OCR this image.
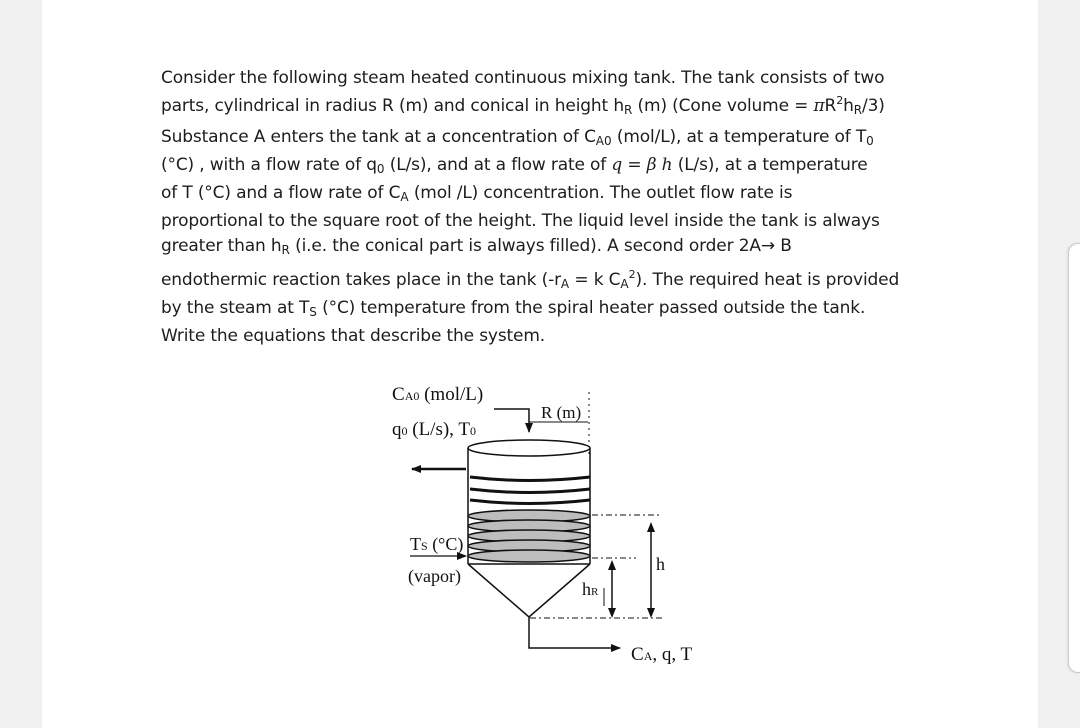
Consider the following steam heated continuous mixing tank. The tank consists of two
parts, cylindrical in radius R (m) and conical in height hR (m) (Cone volume = $\pi R^2hR/3$)
Substance A enters the tank at a concentration of CA0 (mol/L), at a temperature of T0
(°C) , with a flow rate of q0 (L/s), and at a flow rate of q = β h (L/s), at a temperature
of T (°C) and a flow rate of CA (mol /L) concentration. The outlet flow rate is
proportional to the square root of the height. The liquid level inside the tank is always
greater than hR (i.e. the conical part is always filled). A second order 2A→ B
endothermic reaction takes place in the tank (-rA = k $CA^2$). The required heat is provided
by the steam at TS (°C) temperature from the spiral heater passed outside the tank.
Write the equations that describe the system.
CA0 (mol/L)
q0 (L/s), T0
R (m)
TS (°C)
(vapor)
h
hR
CA, q, T
